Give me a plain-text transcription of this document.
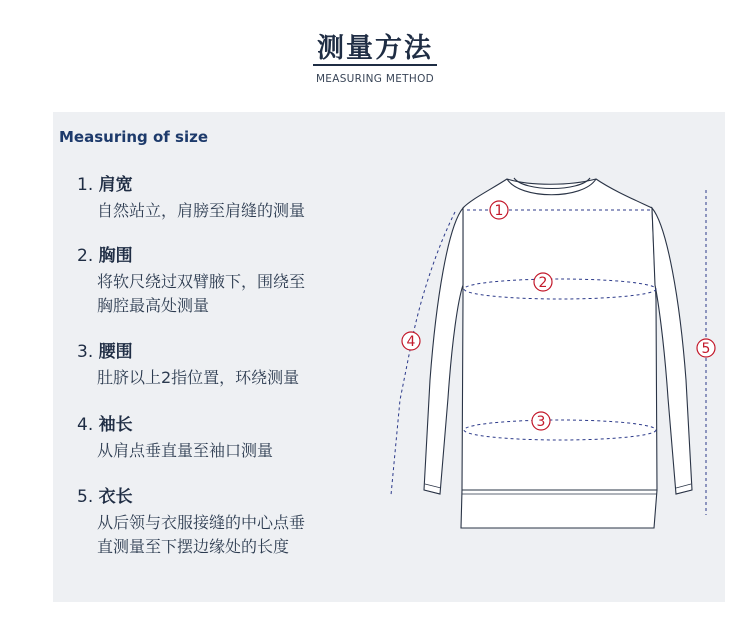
测量方法
MEASURING METHOD
Measuring of size
1. 肩宽
自然站立，肩膀至肩缝的测量
2. 胸围
将软尺绕过双臂腋下，围绕至
胸腔最高处测量
3. 腰围
肚脐以上2指位置，环绕测量
4. 袖长
从肩点垂直量至袖口测量
5. 衣长
从后领与衣服接缝的中心点垂
直测量至下摆边缘处的长度
1
2
3
4	5
